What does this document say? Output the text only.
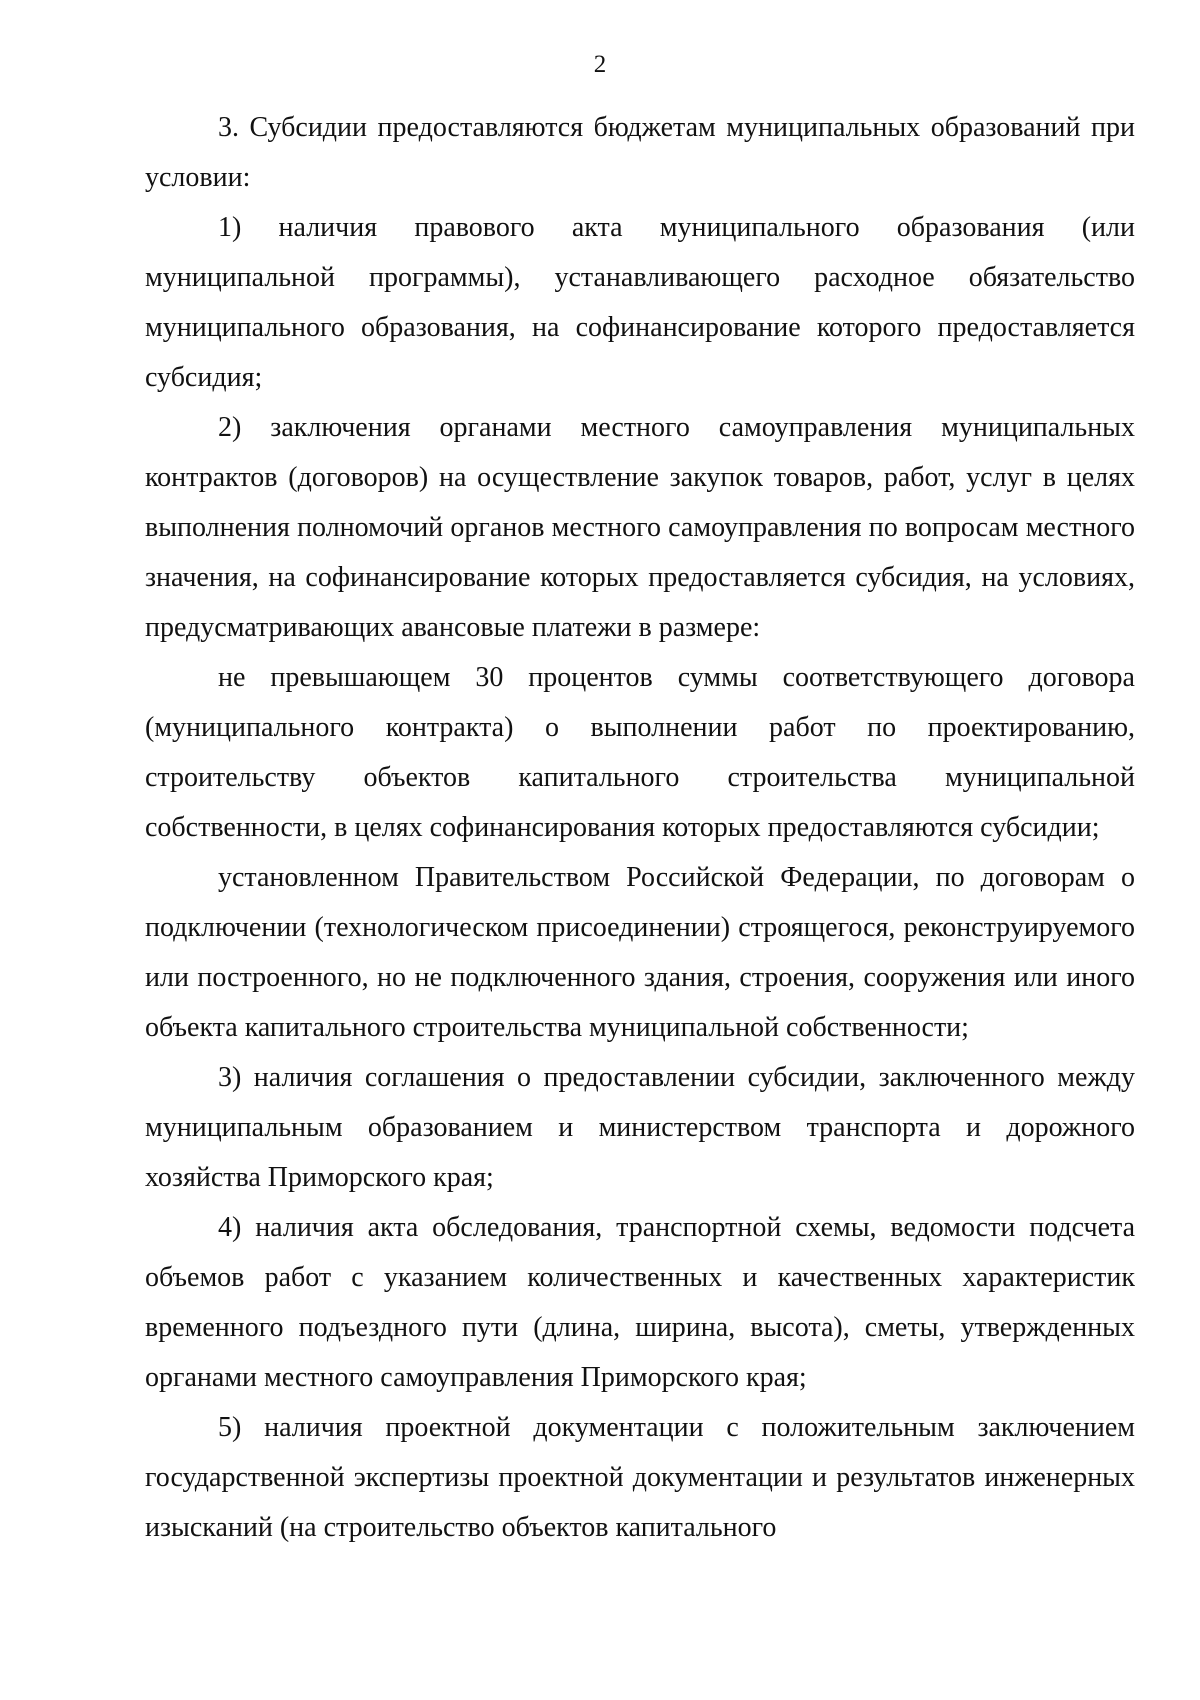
2

3. Субсидии предоставляются бюджетам муниципальных образований при условии:

1) наличия правового акта муниципального образования (или муниципальной программы), устанавливающего расходное обязательство муниципального образования, на софинансирование которого предоставляется субсидия;

2) заключения органами местного самоуправления муниципальных контрактов (договоров) на осуществление закупок товаров, работ, услуг в целях выполнения полномочий органов местного самоуправления по вопросам местного значения, на софинансирование которых предоставляется субсидия, на условиях, предусматривающих авансовые платежи в размере:

не превышающем 30 процентов суммы соответствующего договора (муниципального контракта) о выполнении работ по проектированию, строительству объектов капитального строительства муниципальной собственности, в целях софинансирования которых предоставляются субсидии;

установленном Правительством Российской Федерации, по договорам о подключении (технологическом присоединении) строящегося, реконструируемого или построенного, но не подключенного здания, строения, сооружения или иного объекта капитального строительства муниципальной собственности;

3) наличия соглашения о предоставлении субсидии, заключенного между муниципальным образованием и министерством транспорта и дорожного хозяйства Приморского края;

4) наличия акта обследования, транспортной схемы, ведомости подсчета объемов работ с указанием количественных и качественных характеристик временного подъездного пути (длина, ширина, высота), сметы, утвержденных органами местного самоуправления Приморского края;

5) наличия проектной документации с положительным заключением государственной экспертизы проектной документации и результатов инженерных изысканий (на строительство объектов капитального
